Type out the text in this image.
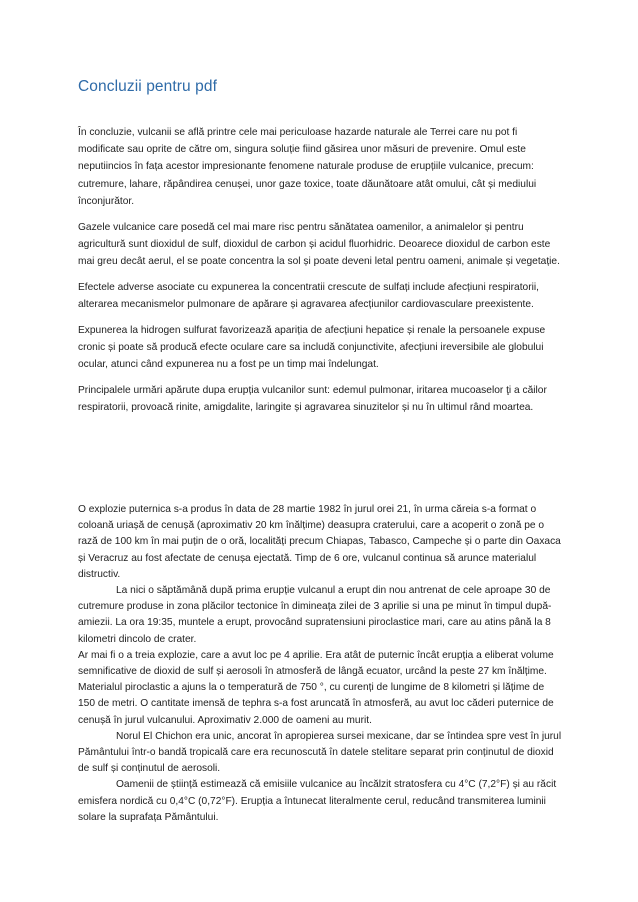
Concluzii pentru pdf

În concluzie, vulcanii se află printre cele mai periculoase hazarde naturale ale Terrei care nu pot fi modificate sau oprite de către om, singura soluție fiind găsirea unor măsuri de prevenire. Omul este neputiincios în fața acestor impresionante fenomene naturale produse de erupțiile vulcanice, precum: cutremure, lahare, răpândirea cenușei, unor gaze toxice, toate dăunătoare atât omului, cât și mediului înconjurător.

Gazele vulcanice care posedă cel mai mare risc pentru sănătatea oamenilor, a animalelor și pentru agricultură sunt dioxidul de sulf, dioxidul de carbon și acidul fluorhidric. Deoarece dioxidul de carbon este mai greu decât aerul, el se poate concentra la sol și poate deveni letal pentru oameni, animale și vegetație.

Efectele adverse asociate cu expunerea la concentratii crescute de sulfați include afecțiuni respiratorii, alterarea mecanismelor pulmonare de apărare și agravarea afecțiunilor cardiovasculare preexistente.

Expunerea la hidrogen sulfurat favorizează apariția de afecțiuni hepatice și renale la persoanele expuse cronic și poate să producă efecte oculare care sa includă conjunctivite, afecțiuni ireversibile ale globului ocular, atunci când expunerea nu a fost pe un timp mai îndelungat.

Principalele urmări apărute dupa erupția vulcanilor sunt: edemul pulmonar, iritarea mucoaselor ţi a căilor respiratorii, provoacă rinite, amigdalite, laringite și agravarea sinuzitelor și nu în ultimul rând moartea.

O explozie puternica s-a produs în data de 28 martie 1982 în jurul orei 21, în urma căreia s-a format o coloană uriașă de cenușă (aproximativ 20 km înălțime) deasupra craterului, care a acoperit o zonă pe o rază de 100 km în mai puțin de o oră, localități precum Chiapas, Tabasco, Campeche și o parte din Oaxaca și Veracruz au fost afectate de cenușa ejectată. Timp de 6 ore, vulcanul continua să arunce materialul distructiv.

La nici o săptămână după prima erupție vulcanul a erupt din nou antrenat de cele aproape 30 de cutremure produse in zona plăcilor tectonice în dimineața zilei de 3 aprilie si una pe minut în timpul după-amiezii. La ora 19:35, muntele a erupt, provocând supratensiuni piroclastice mari, care au atins până la 8 kilometri dincolo de crater.

Ar mai fi o a treia explozie, care a avut loc pe 4 aprilie. Era atât de puternic încât erupția a eliberat volume semnificative de dioxid de sulf și aerosoli în atmosferă de lângă ecuator, urcând la peste 27 km înălțime. Materialul piroclastic a ajuns la o temperatură de 750 °, cu curenți de lungime de 8 kilometri și lățime de 150 de metri. O cantitate imensă de tephra s-a fost aruncată în atmosferă, au avut loc căderi puternice de cenușă în jurul vulcanului. Aproximativ 2.000 de oameni au murit.

Norul El Chichon era unic, ancorat în apropierea sursei mexicane, dar se întindea spre vest în jurul Pământului într-o bandă tropicală care era recunoscută în datele stelitare separat prin conținutul de dioxid de sulf și conținutul de aerosoli.

Oamenii de știință estimează că emisiile vulcanice au încălzit stratosfera cu 4°C (7,2°F) și au răcit emisfera nordică cu 0,4°C (0,72°F). Erupția a întunecat literalmente cerul, reducând transmiterea luminii solare la suprafața Pământului.
